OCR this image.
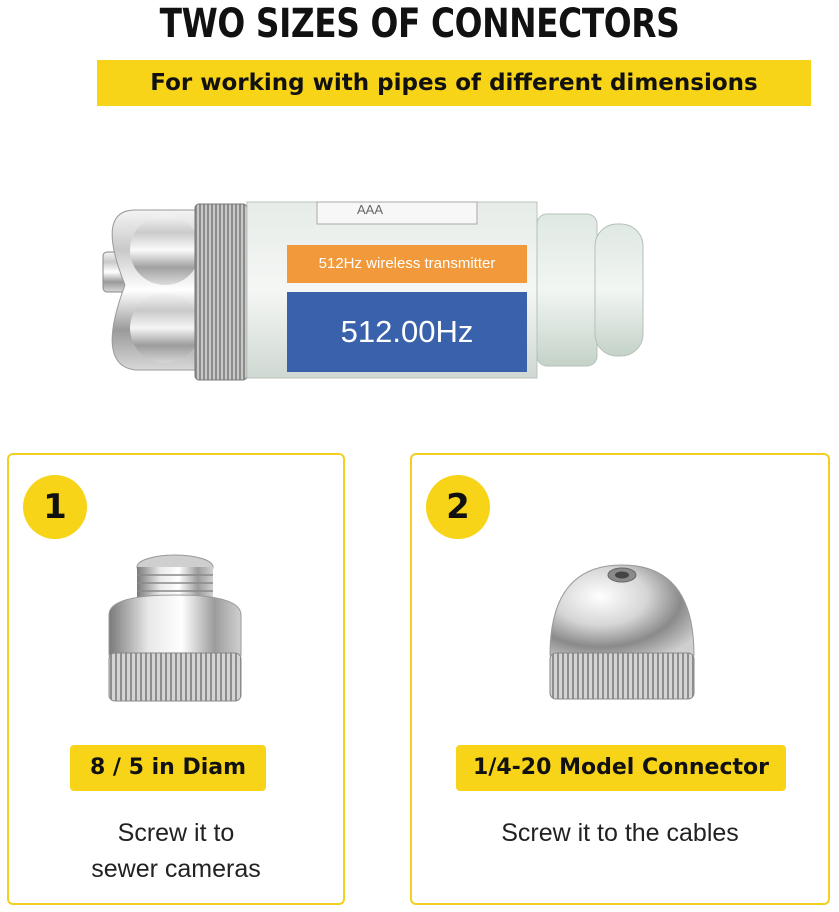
TWO SIZES OF CONNECTORS
For working with pipes of different dimensions
AAA
512Hz wireless transmitter
512.00Hz
1
8 / 5 in Diam
Screw it to
sewer cameras
2
1/4-20 Model Connector
Screw it to the cables
